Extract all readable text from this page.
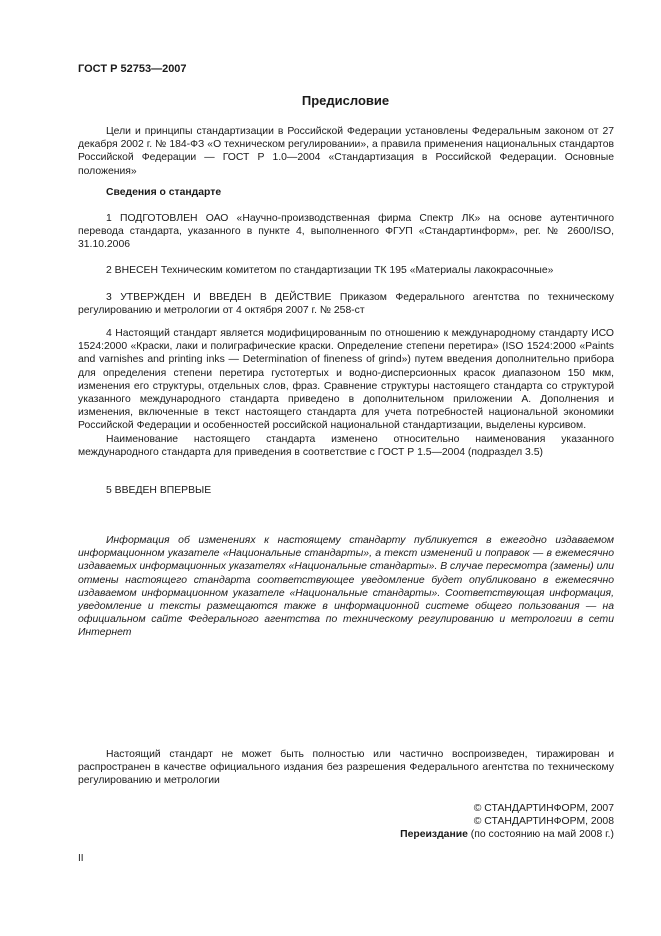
ГОСТ Р 52753—2007
Предисловие

Цели и принципы стандартизации в Российской Федерации установлены Федеральным законом от 27 декабря 2002 г. № 184-ФЗ «О техническом регулировании», а правила применения национальных стандартов Российской Федерации — ГОСТ Р 1.0—2004 «Стандартизация в Российской Федерации. Основные положения»

Сведения о стандарте

1 ПОДГОТОВЛЕН ОАО «Научно-производственная фирма Спектр ЛК» на основе аутентичного перевода стандарта, указанного в пункте 4, выполненного ФГУП «Стандартинформ», рег. № 2600/ISO, 31.10.2006

2 ВНЕСЕН Техническим комитетом по стандартизации ТК 195 «Материалы лакокрасочные»

3 УТВЕРЖДЕН И ВВЕДЕН В ДЕЙСТВИЕ Приказом Федерального агентства по техническому регулированию и метрологии от 4 октября 2007 г. № 258-ст

4 Настоящий стандарт является модифицированным по отношению к международному стандарту ИСО 1524:2000 «Краски, лаки и полиграфические краски. Определение степени перетира» (ISO 1524:2000 «Paints and varnishes and printing inks — Determination of fineness of grind») путем введения дополнительно прибора для определения степени перетира густотертых и водно-дисперсионных красок диапазоном 150 мкм, изменения его структуры, отдельных слов, фраз. Сравнение структуры настоящего стандарта со структурой указанного международного стандарта приведено в дополнительном приложении А. Дополнения и изменения, включенные в текст настоящего стандарта для учета потребностей национальной экономики Российской Федерации и особенностей российской национальной стандартизации, выделены курсивом.

Наименование настоящего стандарта изменено относительно наименования указанного международного стандарта для приведения в соответствие с ГОСТ Р 1.5—2004 (подраздел 3.5)

5 ВВЕДЕН ВПЕРВЫЕ

Информация об изменениях к настоящему стандарту публикуется в ежегодно издаваемом информационном указателе «Национальные стандарты», а текст изменений и поправок — в ежемесячно издаваемых информационных указателях «Национальные стандарты». В случае пересмотра (замены) или отмены настоящего стандарта соответствующее уведомление будет опубликовано в ежемесячно издаваемом информационном указателе «Национальные стандарты». Соответствующая информация, уведомление и тексты размещаются также в информационной системе общего пользования — на официальном сайте Федерального агентства по техническому регулированию и метрологии в сети Интернет

Настоящий стандарт не может быть полностью или частично воспроизведен, тиражирован и распространен в качестве официального издания без разрешения Федерального агентства по техническому регулированию и метрологии

© СТАНДАРТИНФОРМ, 2007
© СТАНДАРТИНФОРМ, 2008
Переиздание (по состоянию на май 2008 г.)
II
